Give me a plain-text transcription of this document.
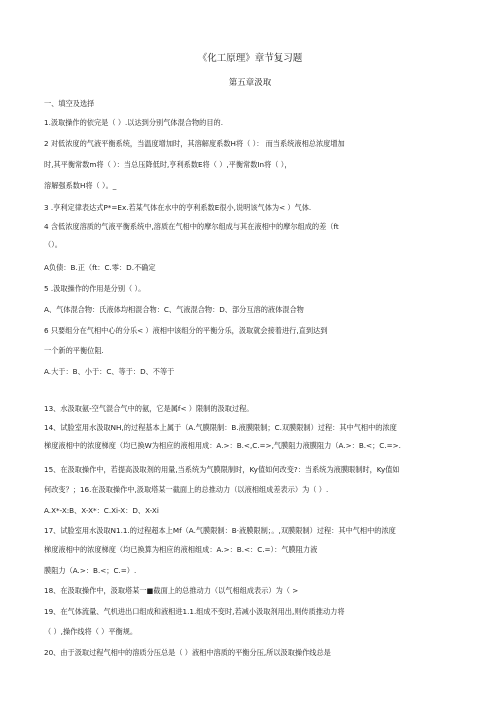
《化工原理》章节复习题
第五章汲取
一、填空及选择
1.汲取操作的依完是（ ）.以达到分别气体混合物的目的.
2 对低浓度的气液平衡系统，当温度增加时，其溶解度系数H将（ ）： 而当系统液相总浓度增加
时,其平衡常数m将（ ）：当总压降低时,亨利系数E将（ ）,平衡常数In将（ ），
溶解强系数H将（ ）。_
3 .亨利定律表达式P*=Ex.若某气体在水中的亨利系数E很小,说明该气体为< ）气体.
4 含低浓度溶质的气液平衡系统中,溶质在气相中的摩尔组成与其在液相中的摩尔组成的差（ft
（）。
A负债：B.正（ft：C.零：D.不确定
5 .汲取操作的作用是分别（ ）。
A、气体混合物：氏液体均相混合物：C、气液混合物：D、部分互溶的液体混合物
6 只要组分在气相中心的分乐< ）液相中该组分的平衡分乐，汲取就会接着进行,直到达到
一个新的平衡位阻.
A.大于：B、小于：C、等于：D、不等于
13、水汲取氨-空气混合气中的氨，它是属f< ）限制的汲取过程。
14、试脸室用水汲取NH,的过程基本上属于（A.气膜限制：B.液膜限制；C.双膜限制）过程：其中气相中的浓度
梯度液相中的浓度梯度（均已换W为相应的液相用成：A.>：B.<,C.=>,气膜阻力液膜阻力（A.>：B.<；C.=>.
15、在汲取操作中，若提高汲取剂的用量,当系统为气膜限制时，Ky值如何改变?：当系统为液膜眼制时，Ky值如
何改变？；16.在汲取操作中,汲取塔某一截面上的总推动力（以液相组成差表示）为（ ）.
A.X*-X:B、X-X*：C.Xi-X：D、X-Xi
17、试脸室用水汲取N1.1.的过程超本上Mf（A.气膜限制：B·液膜限制；。,双膜限制）过程：其中气相中的浓度
梯度液相中的浓度梯度（均已换算为相应的液相组成：A.>：B.<：C.=）：气膜阻力液
膜阻力（A.>：B.<；C.=）.
18、在汲取操作中，汲取塔某一■截面上的总推动力（以气相组成表示）为（ >
19、在气体流量、气机进出口组成和液相进1.1.组成不变时,若减小汲取剂用出,则传质推动力将
（ ）,操作线将（ ）平衡规。
20、由于汲取过程气相中的溶质分压总是（ ）液相中溶质的平衡分压,所以汲取操作线总是
